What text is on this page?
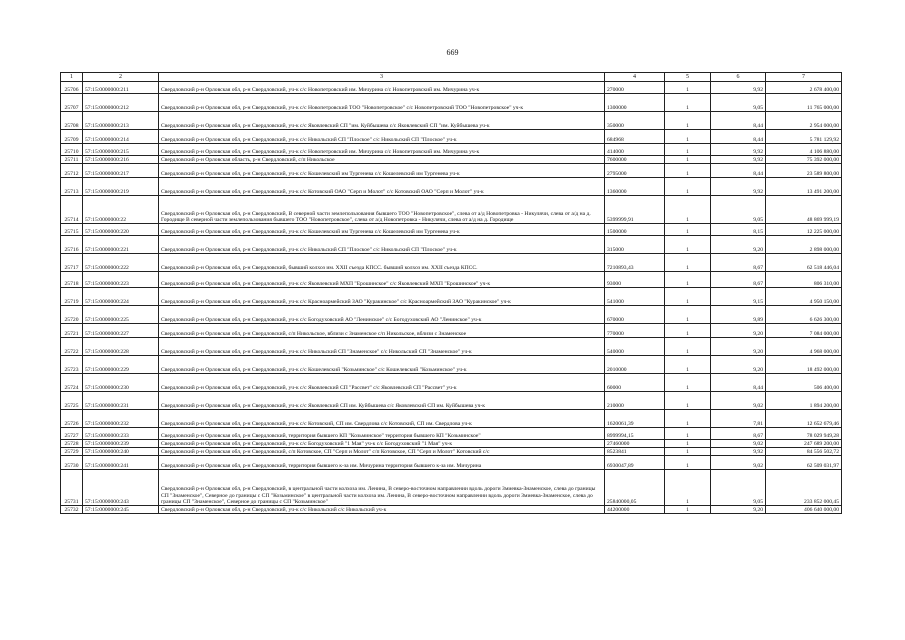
669
1	2	3	4	5	6	7
25706	57:15:0000000:211	Свердловский р-н Орловская обл, р-н Свердловский, уч-к с/с Новопетровский им. Мичурина с/с Новопетровский им. Мичурина уч-к	270000	1	9,92	2 678 400,00
25707	57:15:0000000:212	Свердловский р-н Орловская обл, р-н Свердловский, уч-к с/с Новопетровский ТОО "Новопетровское" с/с Новопетровский ТОО "Новопетровское" уч-к	1300000	1	9,05	11 765 000,00
25708	57:15:0000000:213	Свердловский р-н Орловская обл, р-н Свердловский, уч-к с/с Яковлевский СП "им. Куйбышева с/с Яковлевский СП "им. Куйбышева уч-к	350000	1	8,44	2 954 000,00
25709	57:15:0000000:214	Свердловский р-н Орловская обл, р-н Свердловский, уч-к с/с Никольский СП "Плоское" с/с Никольский СП "Плоское" уч-к	684968	1	8,44	5 781 129,92
25710	57:15:0000000:215	Свердловский р-н Орловская обл, р-н Свердловский, уч-к с/с Новопетровский им. Мичурина с/с Новопетровский им. Мичурина уч-к	414000	1	9,92	4 106 880,00
25711	57:15:0000000:216	Свердловский р-н Орловская область, р-н Свердловский, с/п Никольское	7600000	1	9,92	75 392 000,00
25712	57:15:0000000:217	Свердловский р-н Орловская обл, р-н Свердловский, уч-к с/с Кошелевский им Тургенева с/с Кошелевский им Тургенева уч-к	2795000	1	8,44	23 589 800,00
25713	57:15:0000000:219	Свердловский р-н Орловская обл, р-н Свердловский, уч-к с/с Котовский ОАО "Серп и Молот" с/с Котовский ОАО "Серп и Молот" уч-к	1360000	1	9,92	13 491 200,00
25714	57:15:0000000:22	Свердловский р-н Орловская обл, р-н Свердловский, В северной части землепользования бывшего ТОО "Новопетровское", слева от а/д Новопетровка - Никулячи, слева от а/д на д. Городище В северной части землепользования бывшего ТОО "Новопетровское", слева от а/д Новопетровка - Никулячи, слева от а/д на д. Городище	5399999,91	1	9,05	48 869 999,19
25715	57:15:0000000:220	Свердловский р-н Орловская обл, р-н Свердловский, уч-к с/с Кошелевский им Тургенева с/с Кошелевский им Тургенева уч-к	1500000	1	8,15	12 225 000,00
25716	57:15:0000000:221	Свердловский р-н Орловская обл, р-н Свердловский, уч-к с/с Никольский СП "Плоское" с/с Никольский СП "Плоское" уч-к	315000	1	9,20	2 898 000,00
25717	57:15:0000000:222	Свердловский р-н Орловская обл, р-н Свердловский, бывший колхоз им. XXII съезда КПСС. бывший колхоз им. XXII съезда КПСС.	7210893,43	1	8,67	62 518 446,04
25718	57:15:0000000:223	Свердловский р-н Орловская обл, р-н Свердловский, уч-к с/с Яковлевский МХП "Ерошинское" с/с Яковлевский МХП "Ерошинское" уч-к	93000	1	8,67	806 310,00
25719	57:15:0000000:224	Свердловский р-н Орловская обл, р-н Свердловский, уч-к с/с Красноармейский ЗАО "Куракинское" с/с Красноармейский ЗАО "Куракинское" уч-к	541000	1	9,15	4 950 150,00
25720	57:15:0000000:225	Свердловский р-н Орловская обл, р-н Свердловский, уч-к с/с Богодуховский АО "Ленинское" с/с Богодуховский АО "Ленинское" уч-к	670000	1	9,89	6 626 300,00
25721	57:15:0000000:227	Свердловский р-н Орловская обл, р-н Свердловский, с/п Никольское, вблизи с Знаменское с/п Никольское, вблизи с Знаменское	770000	1	9,20	7 084 000,00
25722	57:15:0000000:228	Свердловский р-н Орловская обл, р-н Свердловский, уч-к с/с Никольский СП "Знаменское" с/с Никольский СП "Знаменское" уч-к	540000	1	9,20	4 968 000,00
25723	57:15:0000000:229	Свердловский р-н Орловская обл, р-н Свердловский, уч-к с/с Кошелевский "Козьминское" с/с Кошелевский "Козьминское" уч-к	2010000	1	9,20	18 492 000,00
25724	57:15:0000000:230	Свердловский р-н Орловская обл, р-н Свердловский, уч-к с/с Яковлевский СП "Рассвет" с/с Яковлевский СП "Рассвет" уч-к	60000	1	8,44	506 400,00
25725	57:15:0000000:231	Свердловский р-н Орловская обл, р-н Свердловский, уч-к с/с Яковлевский СП им. Куйбышева с/с Яковлевский СП им. Куйбышева уч-к	210000	1	9,02	1 894 200,00
25726	57:15:0000000:232	Свердловский р-н Орловская обл, р-н Свердловский, уч-к с/с Котовский, СП им. Свердлова с/с Котовский, СП им. Свердлова уч-к	1620061,39	1	7,81	12 652 679,46
25727	57:15:0000000:233	Свердловский р-н Орловская обл, р-н Свердловский, территория бывшего КП "Козьминское" территория бывшего КП "Козьминское"	8999994,15	1	8,67	78 029 949,28
25728	57:15:0000000:239	Свердловский р-н Орловская обл, р-н Свердловский, уч-к с/с Богодуховский "1 Мая" уч-к с/с Богодуховский "1 Мая" уч-к	27460000	1	9,02	247 689 200,00
25729	57:15:0000000:240	Свердловский р-н Орловская обл, р-н Свердловский, с/п Котовское, СП "Серп и Молот" с/п Котовское, СП "Серп и Молот" Котовский с/с	8523841	1	9,92	84 556 502,72
25730	57:15:0000000:241	Свердловский р-н Орловская обл, р-н Свердловский, территория бывшего к-за им. Мичурина территория бывшего к-за им. Мичурина	6930047,89	1	9,02	62 509 031,97
25731	57:15:0000000:243	Свердловский р-н Орловская обл, р-н Свердловский, в центральной части колхоза им. Ленина, В северо-восточном направлении вдоль дороги Змиевка-Знаменское, слева до границы СП "Знаменское", Северное до границы с СП "Козьминское" в центральной части колхоза им. Ленина, В северо-восточном направлении вдоль дороги Змиевка-Знаменское, слева до границы СП "Знаменское", Северное до границы с СП "Козьминское"	25840000,05	1	9,05	233 852 000,45
25732	57:15:0000000:245	Свердловский р-н Орловская обл, р-н Свердловский, уч-к с/с Никольский с/с Никольский уч-к	44200000	1	9,20	406 640 000,00
